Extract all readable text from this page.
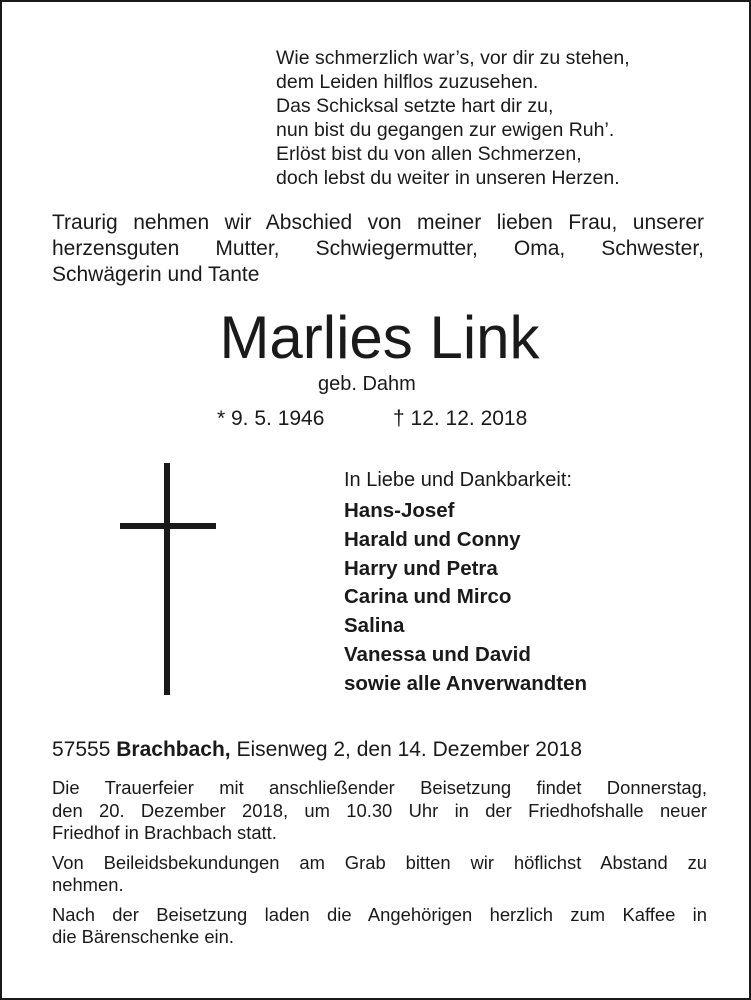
Wie schmerzlich war’s, vor dir zu stehen,
dem Leiden hilflos zuzusehen.
Das Schicksal setzte hart dir zu,
nun bist du gegangen zur ewigen Ruh’.
Erlöst bist du von allen Schmerzen,
doch lebst du weiter in unseren Herzen.
Traurig nehmen wir Abschied von meiner lieben Frau, unserer
herzensguten Mutter, Schwiegermutter, Oma, Schwester,
Schwägerin und Tante
Marlies Link
geb. Dahm
* 9. 5. 1946	† 12. 12. 2018
In Liebe und Dankbarkeit:
Hans-Josef
Harald und Conny
Harry und Petra
Carina und Mirco
Salina
Vanessa und David
sowie alle Anverwandten
57555 Brachbach, Eisenweg 2, den 14. Dezember 2018

Die Trauerfeier mit anschließender Beisetzung findet Donnerstag,
den 20. Dezember 2018, um 10.30 Uhr in der Friedhofshalle neuer
Friedhof in Brachbach statt.

Von Beileidsbekundungen am Grab bitten wir höflichst Abstand zu
nehmen.

Nach der Beisetzung laden die Angehörigen herzlich zum Kaffee in
die Bärenschenke ein.
